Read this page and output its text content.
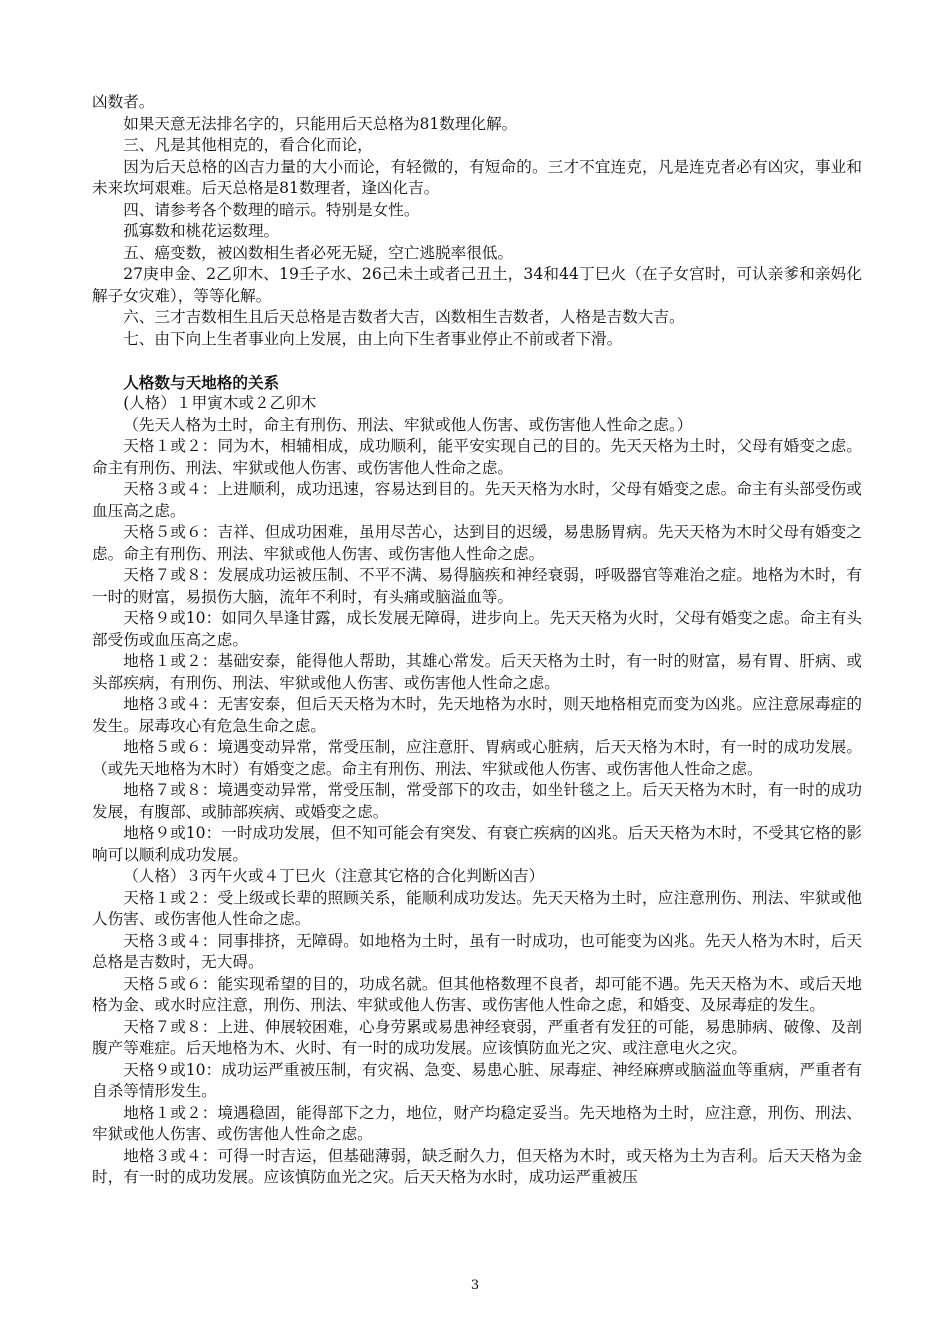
凶数者。

如果天意无法排名字的，只能用后天总格为81数理化解。

三、凡是其他相克的，看合化而论，

因为后天总格的凶吉力量的大小而论，有轻微的，有短命的。三才不宜连克，凡是连克者必有凶灾，事业和未来坎坷艰难。后天总格是81数理者，逢凶化吉。

四、请参考各个数理的暗示。特别是女性。

孤寡数和桃花运数理。

五、癌变数，被凶数相生者必死无疑，空亡逃脱率很低。

27庚申金、2乙卯木、19壬子水、26己未土或者己丑土，34和44丁巳火（在子女宫时，可认亲爹和亲妈化解子女灾难），等等化解。

六、三才吉数相生且后天总格是吉数者大吉，凶数相生吉数者，人格是吉数大吉。

七、由下向上生者事业向上发展，由上向下生者事业停止不前或者下滑。

人格数与天地格的关系

(人格）１甲寅木或２乙卯木

（先天人格为土时，命主有刑伤、刑法、牢狱或他人伤害、或伤害他人性命之虑。）

天格１或２：同为木，相辅相成，成功顺利，能平安实现自己的目的。先天天格为土时，父母有婚变之虑。命主有刑伤、刑法、牢狱或他人伤害、或伤害他人性命之虑。

天格３或４：上进顺利，成功迅速，容易达到目的。先天天格为水时，父母有婚变之虑。命主有头部受伤或血压高之虑。

天格５或６：吉祥、但成功困难，虽用尽苦心，达到目的迟缓，易患肠胃病。先天天格为木时父母有婚变之虑。命主有刑伤、刑法、牢狱或他人伤害、或伤害他人性命之虑。

天格７或８：发展成功运被压制、不平不满、易得脑疾和神经衰弱，呼吸器官等难治之症。地格为木时，有一时的财富，易损伤大脑，流年不利时，有头痛或脑溢血等。

天格９或10：如同久旱逢甘露，成长发展无障碍，进步向上。先天天格为火时，父母有婚变之虑。命主有头部受伤或血压高之虑。

地格１或２：基础安泰，能得他人帮助，其雄心常发。后天天格为土时，有一时的财富，易有胃、肝病、或头部疾病，有刑伤、刑法、牢狱或他人伤害、或伤害他人性命之虑。

地格３或４：无害安泰，但后天天格为木时，先天地格为水时，则天地格相克而变为凶兆。应注意尿毒症的发生。尿毒攻心有危急生命之虑。

地格５或６：境遇变动异常，常受压制，应注意肝、胃病或心脏病，后天天格为木时，有一时的成功发展。（或先天地格为木时）有婚变之虑。命主有刑伤、刑法、牢狱或他人伤害、或伤害他人性命之虑。

地格７或８：境遇变动异常，常受压制，常受部下的攻击，如坐针毯之上。后天天格为木时，有一时的成功发展，有腹部、或肺部疾病、或婚变之虑。

地格９或10：一时成功发展，但不知可能会有突发、有衰亡疾病的凶兆。后天天格为木时，不受其它格的影响可以顺利成功发展。

（人格）３丙午火或４丁巳火（注意其它格的合化判断凶吉）

天格１或２：受上级或长辈的照顾关系，能顺利成功发达。先天天格为土时，应注意刑伤、刑法、牢狱或他人伤害、或伤害他人性命之虑。

天格３或４：同事排挤，无障碍。如地格为土时，虽有一时成功，也可能变为凶兆。先天人格为木时，后天总格是吉数时，无大碍。

天格５或６：能实现希望的目的，功成名就。但其他格数理不良者，却可能不遇。先天天格为木、或后天地格为金、或水时应注意，刑伤、刑法、牢狱或他人伤害、或伤害他人性命之虑，和婚变、及尿毒症的发生。

天格７或８：上进、伸展较困难，心身劳累或易患神经衰弱，严重者有发狂的可能，易患肺病、破像、及剖腹产等难症。后天地格为木、火时、有一时的成功发展。应该慎防血光之灾、或注意电火之灾。

天格９或10：成功运严重被压制，有灾祸、急变、易患心脏、尿毒症、神经麻痹或脑溢血等重病，严重者有自杀等情形发生。

地格１或２：境遇稳固，能得部下之力，地位，财产均稳定妥当。先天地格为土时，应注意，刑伤、刑法、牢狱或他人伤害、或伤害他人性命之虑。

地格３或４：可得一时吉运，但基础薄弱，缺乏耐久力，但天格为木时，或天格为土为吉利。后天天格为金时，有一时的成功发展。应该慎防血光之灾。后天天格为水时，成功运严重被压

3
